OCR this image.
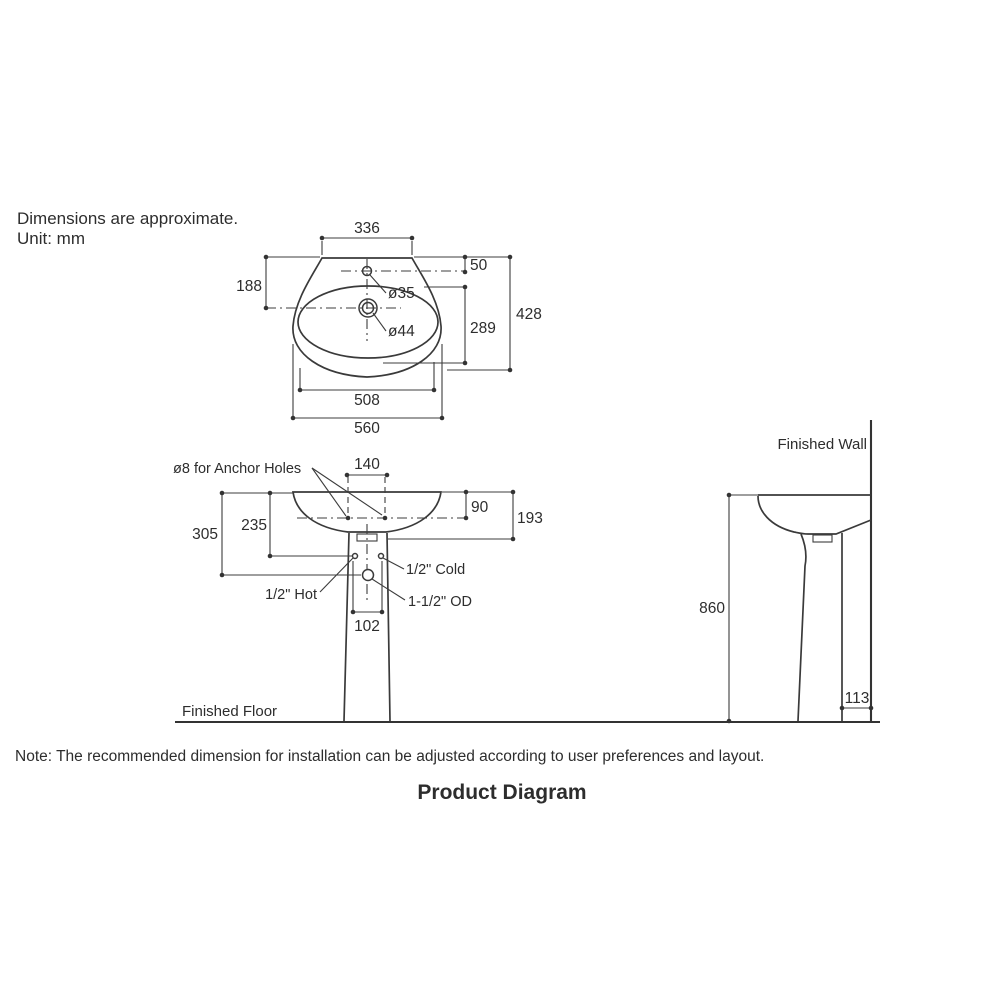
Dimensions are approximate.
Unit: mm
336
50
188
428
289
508
560
ø35
ø44
140
ø8 for Anchor Holes
90
193
235
305
1/2" Cold
1/2" Hot	1-1/2" OD
102
Finished Floor
Finished Wall
860
113
Note: The recommended dimension for installation can be adjusted according to user preferences and layout.
Product Diagram
